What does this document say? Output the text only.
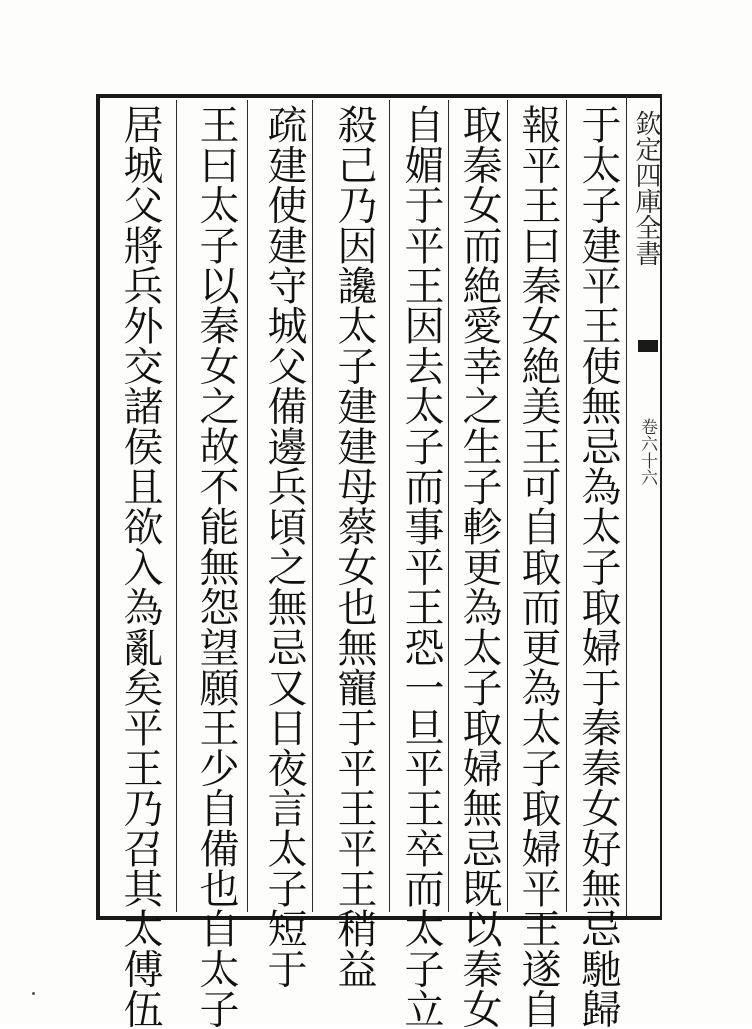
欽定四庫全書
卷六十六
于太子建平王使無忌為太子取婦于秦秦女好無忌馳歸
報平王曰秦女絶美王可自取而更為太子取婦平王遂自
取秦女而絶愛幸之生子軫更為太子取婦無忌既以秦女
自媚于平王因去太子而事平王恐一旦平王卒而太子立
殺己乃因讒太子建建母蔡女也無寵于平王平王稍益
疏建使建守城父備邊兵頃之無忌又日夜言太子短于
王曰太子以秦女之故不能無怨望願王少自備也自太子
居城父將兵外交諸侯且欲入為亂矣平王乃召其太傅伍
